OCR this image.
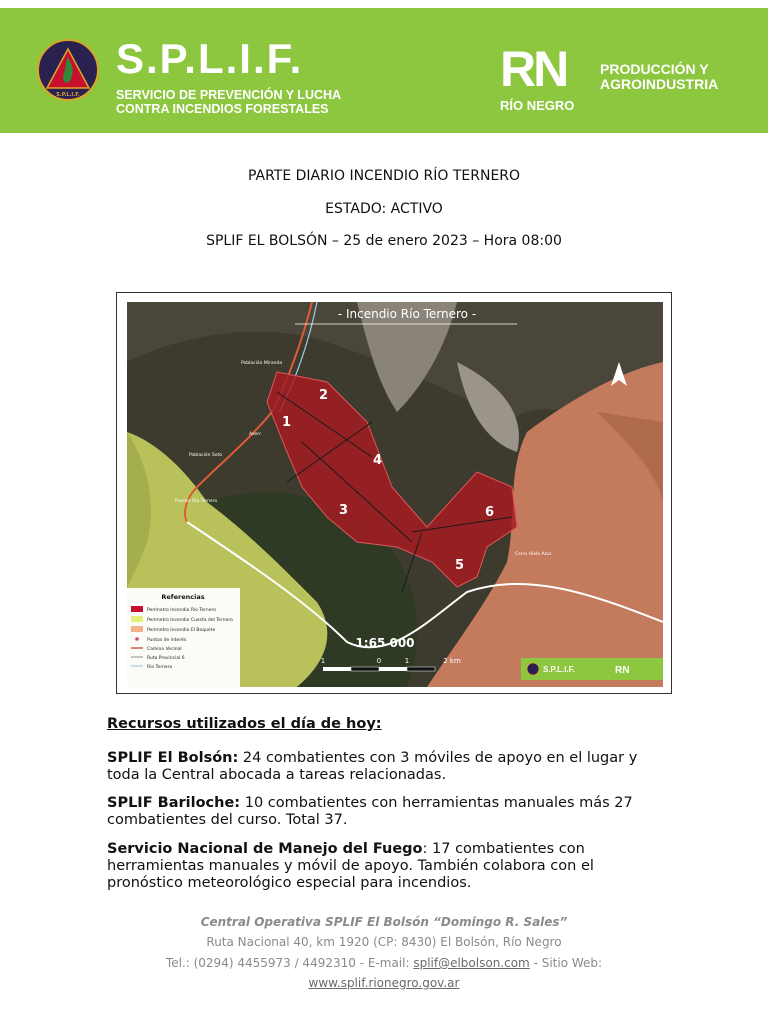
S.P.L.I.F.
S.P.L.I.F.
SERVICIO DE PREVENCIÓN Y LUCHA
CONTRA INCENDIOS FORESTALES
RN
RÍO NEGRO
PRODUCCIÓN Y
AGROINDUSTRIA
PARTE DIARIO INCENDIO RÍO TERNERO
ESTADO: ACTIVO
SPLIF EL BOLSÓN – 25 de enero 2023 – Hora 08:00
1
2
3
4
5
6
Población Miranda
Población Soto
Puente Río Ternero
Aserr.
Cerro Hielo Azul
- Incendio Río Ternero -
Referencias
Perímetro Incendio Río Ternero
Perímetro Incendio Cuesta del Ternero
Perímetro Incendio El Boquete
Puntos de interés
Camino Vecinal
Ruta Provincial 6
Río Ternero
1:65 000
1	0	1	2 km
S.P.L.I.F.	RN
Recursos utilizados el día de hoy:
SPLIF El Bolsón: 24 combatientes con 3 móviles de apoyo en el lugar y toda la Central abocada a tareas relacionadas.
SPLIF Bariloche: 10 combatientes con herramientas manuales más 27 combatientes del curso. Total 37.
Servicio Nacional de Manejo del Fuego: 17 combatientes con herramientas manuales y móvil de apoyo. También colabora con el pronóstico meteorológico especial para incendios.
Central Operativa SPLIF El Bolsón “Domingo R. Sales”
Ruta Nacional 40, km 1920 (CP: 8430) El Bolsón, Río Negro
Tel.: (0294) 4455973 / 4492310 - E-mail: splif@elbolson.com - Sitio Web:
www.splif.rionegro.gov.ar
